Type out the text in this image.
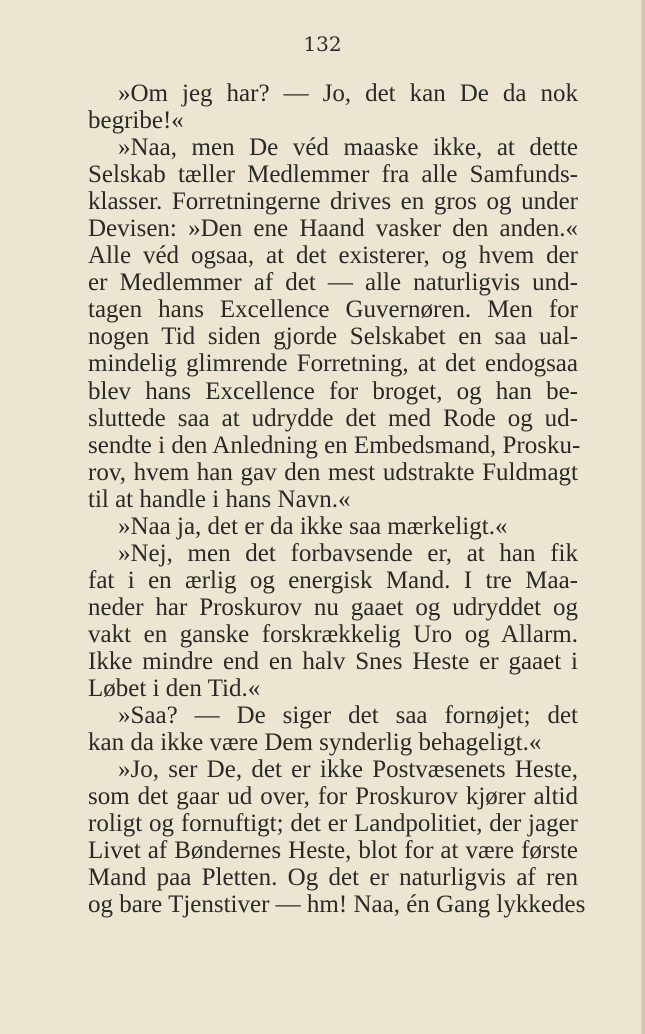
132
»Om jeg har? — Jo, det kan De da nok
begribe!«
»Naa, men De véd maaske ikke, at dette
Selskab tæller Medlemmer fra alle Samfunds-
klasser. Forretningerne drives en gros og under
Devisen: »Den ene Haand vasker den anden.«
Alle véd ogsaa, at det existerer, og hvem der
er Medlemmer af det — alle naturligvis und-
tagen hans Excellence Guvernøren. Men for
nogen Tid siden gjorde Selskabet en saa ual-
mindelig glimrende Forretning, at det endogsaa
blev hans Excellence for broget, og han be-
sluttede saa at udrydde det med Rode og ud-
sendte i den Anledning en Embedsmand, Prosku-
rov, hvem han gav den mest udstrakte Fuldmagt
til at handle i hans Navn.«
»Naa ja, det er da ikke saa mærkeligt.«
»Nej, men det forbavsende er, at han fik
fat i en ærlig og energisk Mand. I tre Maa-
neder har Proskurov nu gaaet og udryddet og
vakt en ganske forskrækkelig Uro og Allarm.
Ikke mindre end en halv Snes Heste er gaaet i
Løbet i den Tid.«
»Saa? — De siger det saa fornøjet; det
kan da ikke være Dem synderlig behageligt.«
»Jo, ser De, det er ikke Postvæsenets Heste,
som det gaar ud over, for Proskurov kjører altid
roligt og fornuftigt; det er Landpolitiet, der jager
Livet af Bøndernes Heste, blot for at være første
Mand paa Pletten. Og det er naturligvis af ren
og bare Tjenstiver — hm! Naa, én Gang lykkedes
